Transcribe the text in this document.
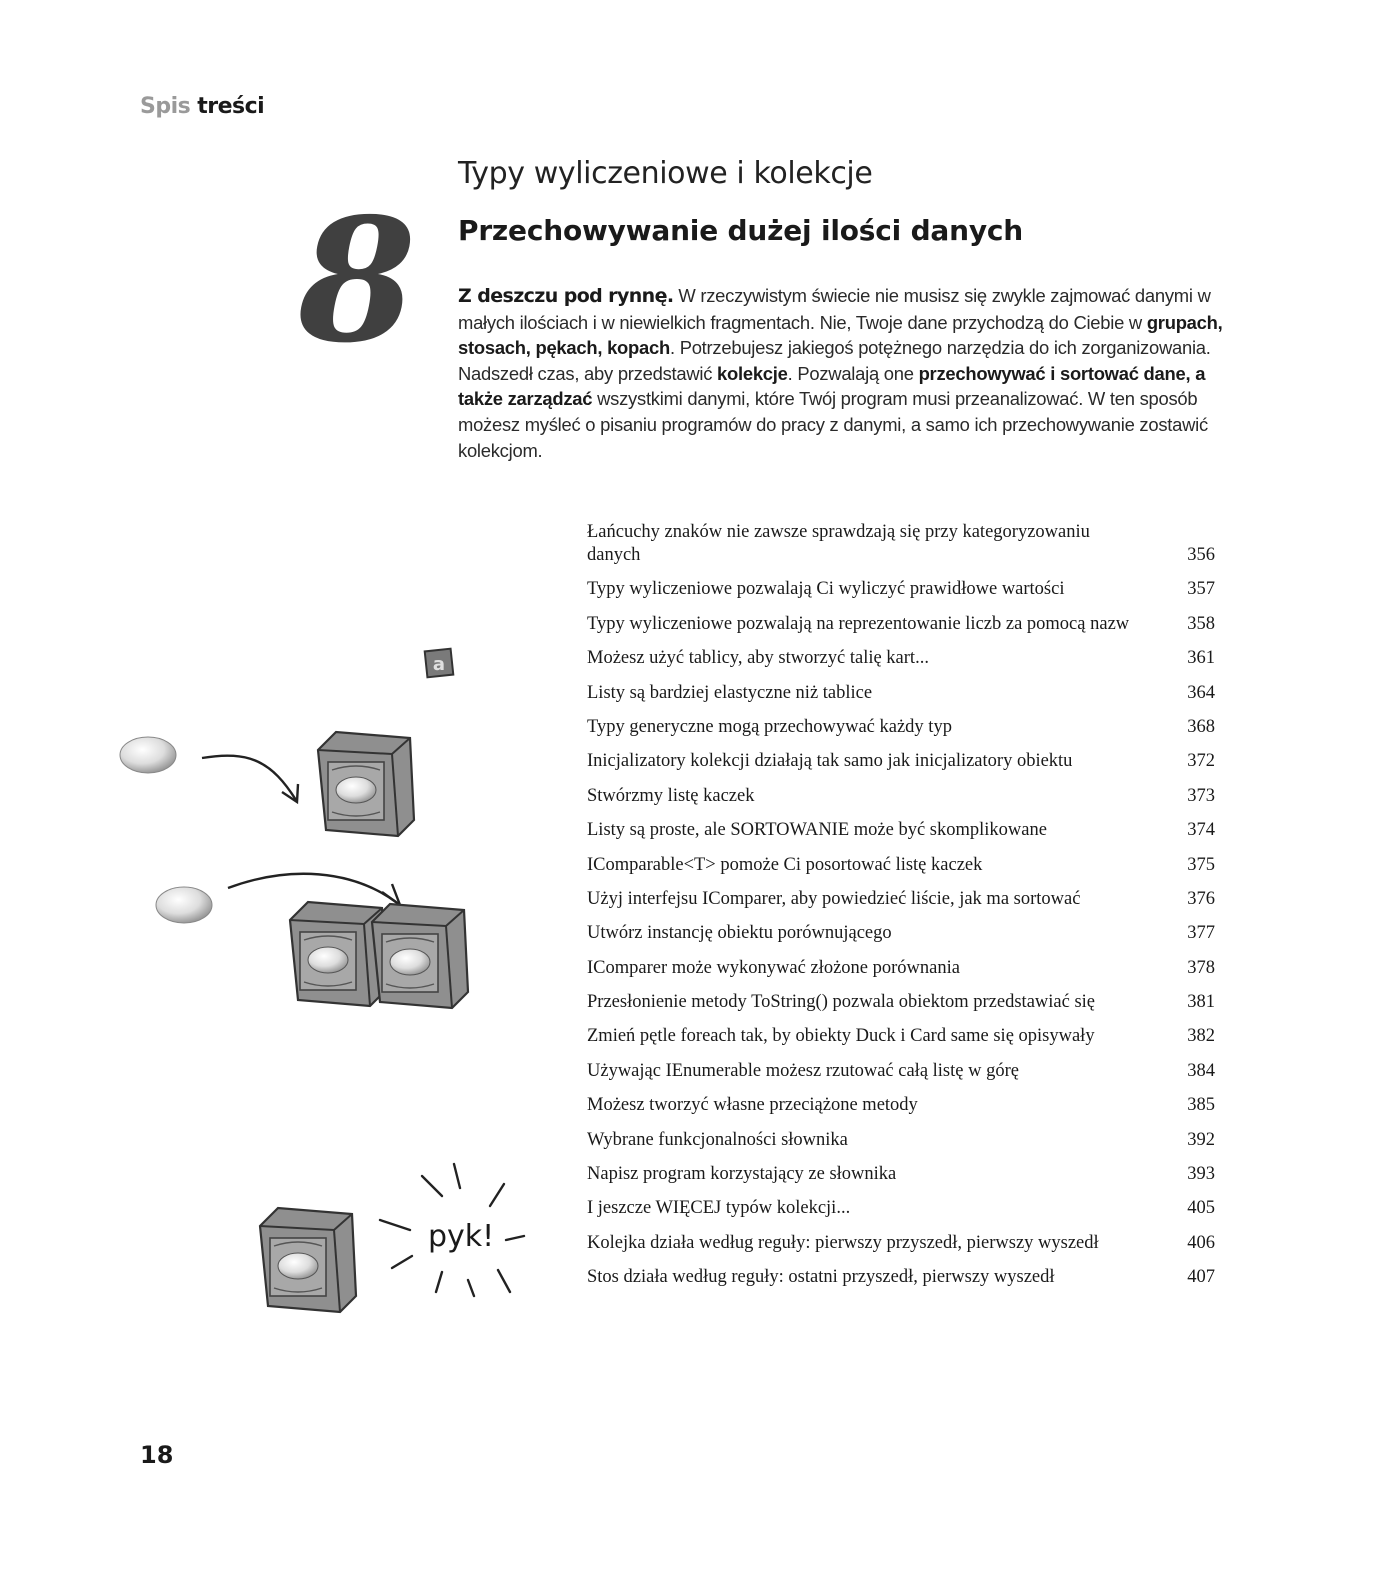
Spis treści
8
Typy wyliczeniowe i kolekcje
Przechowywanie dużej ilości danych
Z deszczu pod rynnę. W rzeczywistym świecie nie musisz się zwykle zajmować danymi w małych ilościach i w niewielkich fragmentach. Nie, Twoje dane przychodzą do Ciebie w grupach, stosach, pękach, kopach. Potrzebujesz jakiegoś potężnego narzędzia do ich zorganizowania. Nadszedł czas, aby przedstawić kolekcje. Pozwalają one przechowywać i sortować dane, a także zarządzać wszystkimi danymi, które Twój program musi przeanalizować. W ten sposób możesz myśleć o pisaniu programów do pracy z danymi, a samo ich przechowywanie zostawić kolekcjom.
Łańcuchy znaków nie zawsze sprawdzają się przy kategoryzowaniu danych	356
Typy wyliczeniowe pozwalają Ci wyliczyć prawidłowe wartości	357
Typy wyliczeniowe pozwalają na reprezentowanie liczb za pomocą nazw	358
Możesz użyć tablicy, aby stworzyć talię kart...	361
Listy są bardziej elastyczne niż tablice	364
Typy generyczne mogą przechowywać każdy typ	368
Inicjalizatory kolekcji działają tak samo jak inicjalizatory obiektu	372
Stwórzmy listę kaczek	373
Listy są proste, ale SORTOWANIE może być skomplikowane	374
IComparable<T> pomoże Ci posortować listę kaczek	375
Użyj interfejsu IComparer, aby powiedzieć liście, jak ma sortować	376
Utwórz instancję obiektu porównującego	377
IComparer może wykonywać złożone porównania	378
Przesłonienie metody ToString() pozwala obiektom przedstawiać się	381
Zmień pętle foreach tak, by obiekty Duck i Card same się opisywały	382
Używając IEnumerable możesz rzutować całą listę w górę	384
Możesz tworzyć własne przeciążone metody	385
Wybrane funkcjonalności słownika	392
Napisz program korzystający ze słownika	393
I jeszcze WIĘCEJ typów kolekcji...	405
Kolejka działa według reguły: pierwszy przyszedł, pierwszy wyszedł	406
Stos działa według reguły: ostatni przyszedł, pierwszy wyszedł	407
a
pyk!
18
